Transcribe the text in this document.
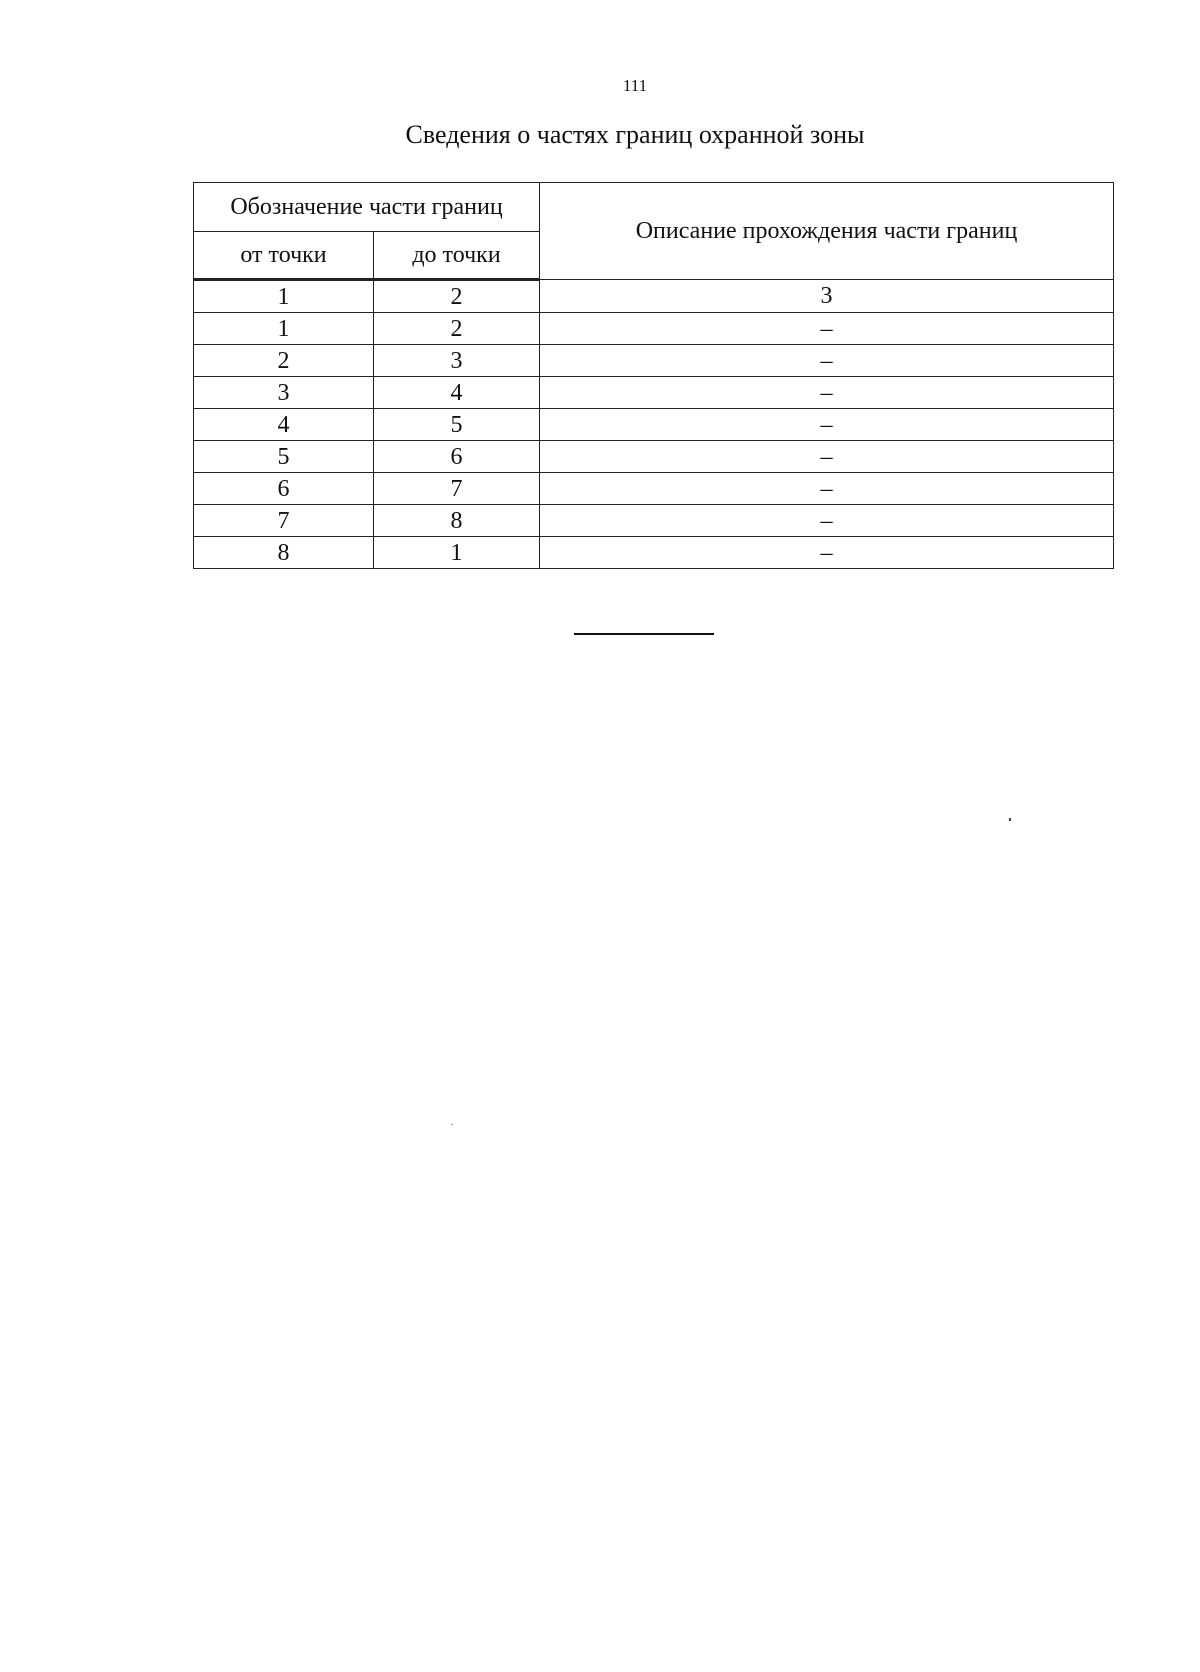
111
Сведения о частях границ охранной зоны
Обозначение части границ		Описание прохождения части границ
от точки	до точки	
1	2	3
1	2	–
2	3	–
3	4	–
4	5	–
5	6	–
6	7	–
7	8	–
8	1	–
